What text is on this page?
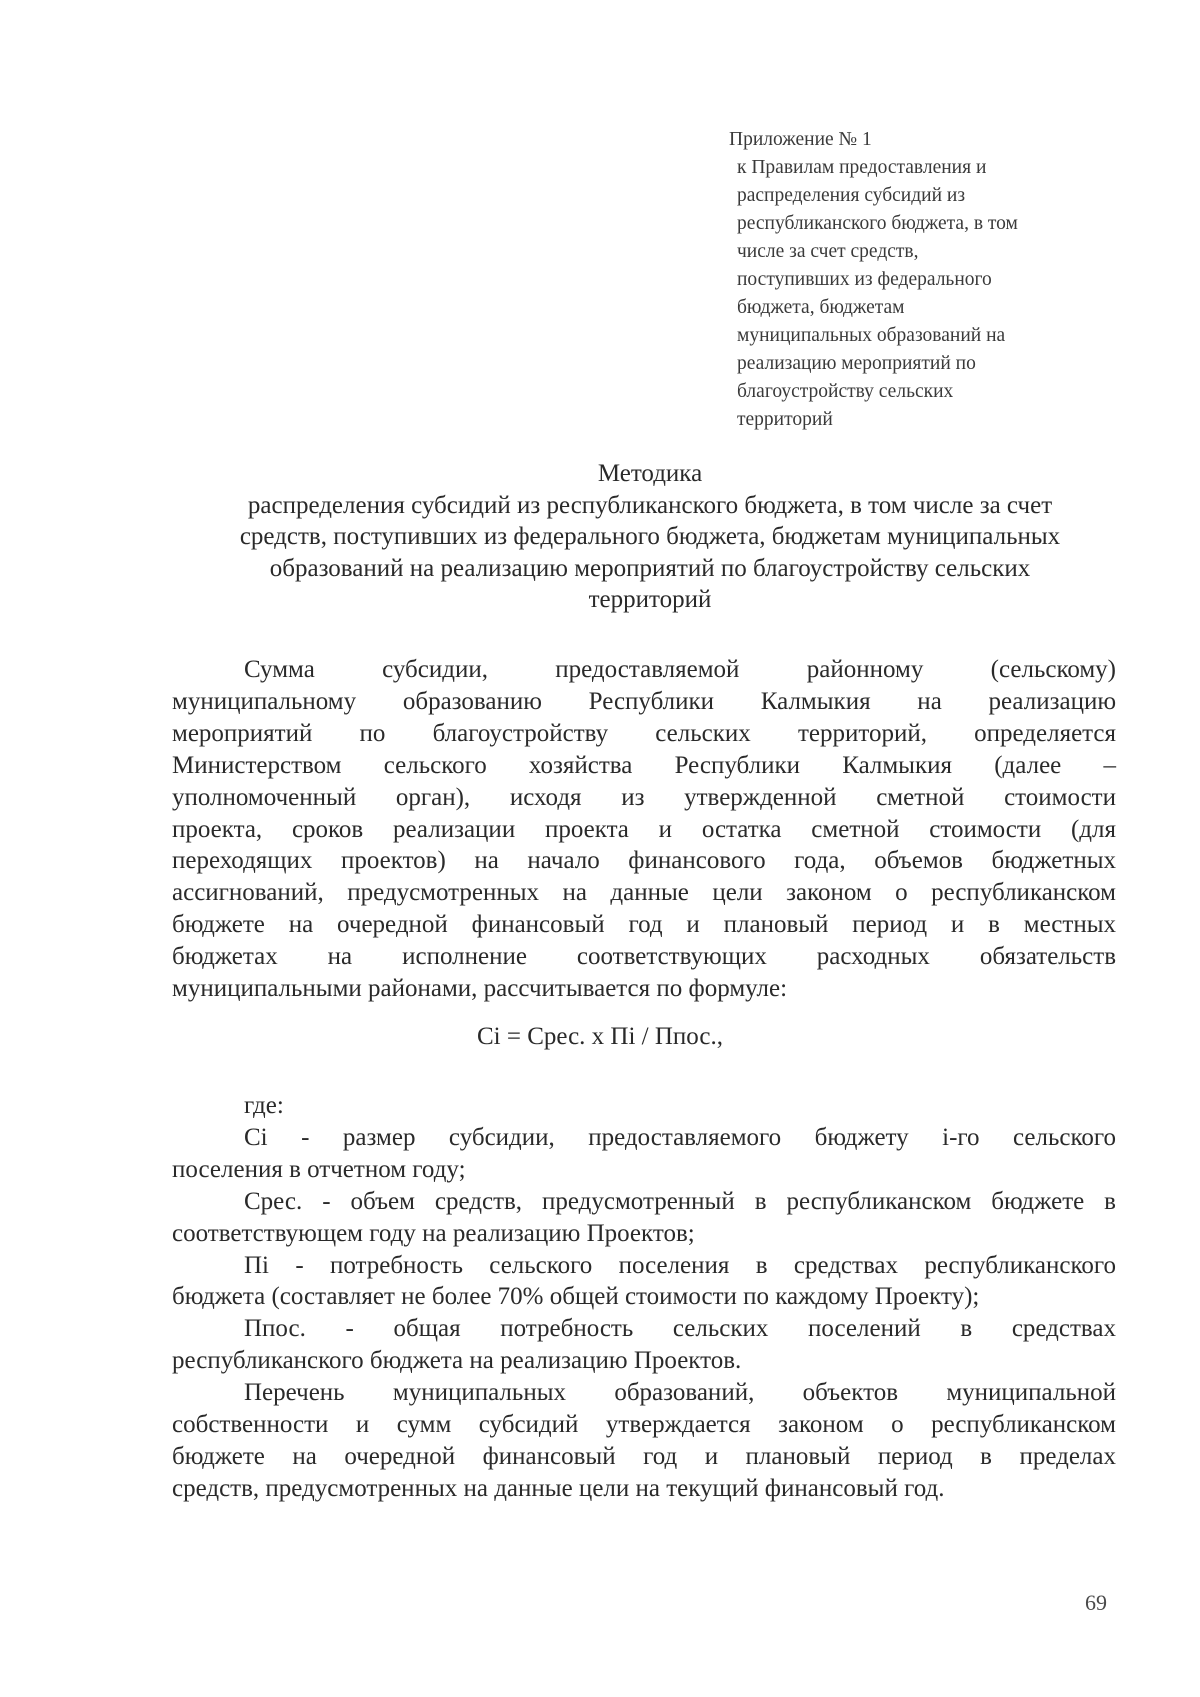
Приложение № 1
к Правилам предоставления и
распределения субсидий из
республиканского бюджета, в том
числе за счет средств,
поступивших из федерального
бюджета, бюджетам
муниципальных образований на
реализацию мероприятий по
благоустройству сельских
территорий
Методика
распределения субсидий из республиканского бюджета, в том числе за счет
средств, поступивших из федерального бюджета, бюджетам муниципальных
образований на реализацию мероприятий по благоустройству сельских
территорий
Сумма субсидии, предоставляемой районному (сельскому)
муниципальному образованию Республики Калмыкия на реализацию
мероприятий по благоустройству сельских территорий, определяется
Министерством сельского хозяйства Республики Калмыкия (далее –
уполномоченный орган), исходя из утвержденной сметной стоимости
проекта, сроков реализации проекта и остатка сметной стоимости (для
переходящих проектов) на начало финансового года, объемов бюджетных
ассигнований, предусмотренных на данные цели законом о республиканском
бюджете на очередной финансовый год и плановый период и в местных
бюджетах на исполнение соответствующих расходных обязательств
муниципальными районами, рассчитывается по формуле:
Ci = Срес. х Пi / Ппос.,
где:
Ci - размер субсидии, предоставляемого бюджету i-го сельского
поселения в отчетном году;
Срес. - объем средств, предусмотренный в республиканском бюджете в
соответствующем году на реализацию Проектов;
Пi - потребность сельского поселения в средствах республиканского
бюджета (составляет не более 70% общей стоимости по каждому Проекту);
Ппос. - общая потребность сельских поселений в средствах
республиканского бюджета на реализацию Проектов.
Перечень муниципальных образований, объектов муниципальной
собственности и сумм субсидий утверждается законом о республиканском
бюджете на очередной финансовый год и плановый период в пределах
средств, предусмотренных на данные цели на текущий финансовый год.
69
